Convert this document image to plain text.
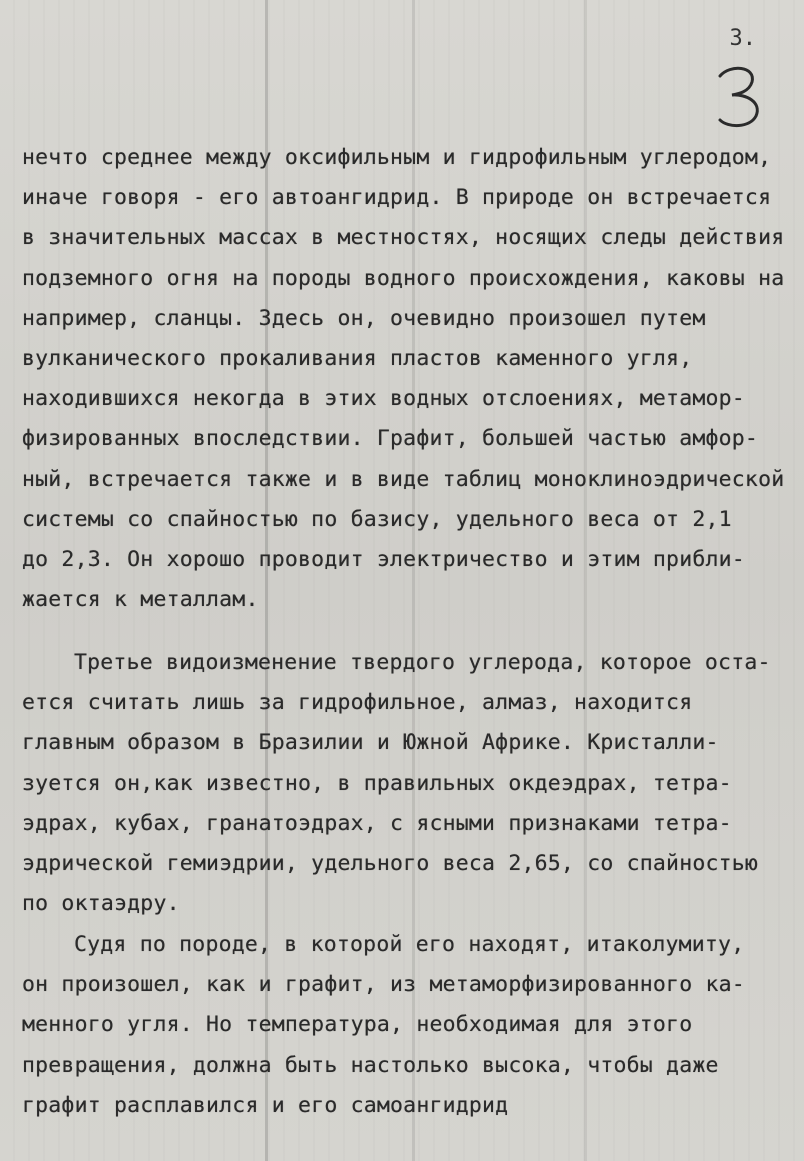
3.
нечто среднее между оксифильным и гидрофильным углеродом,
иначе говоря - его автоангидрид. В природе он встречается
в значительных массах в местностях, носящих следы действия
подземного огня на породы водного происхождения, каковы на
например, сланцы. Здесь он, очевидно произошел путем
вулканического прокаливания пластов каменного угля,
находившихся некогда в этих водных отслоениях, метамор-
физированных впоследствии. Графит, большей частью амфор-
ный, встречается также и в виде таблиц моноклиноэдрической
системы со спайностью по базису, удельного веса от 2,1
до 2,3. Он хорошо проводит электричество и этим прибли-
жается к металлам.
Третье видоизменение твердого углерода, которое оста-
ется считать лишь за гидрофильное, алмаз, находится
главным образом в Бразилии и Южной Африке. Кристалли-
зуется он,как известно, в правильных окдеэдрах, тетра-
эдрах, кубах, гранатоэдрах, с ясными признаками тетра-
эдрической гемиэдрии, удельного веса 2,65, со спайностью
по октаэдру.
Судя по породе, в которой его находят, итаколумиту,
он произошел, как и графит, из метаморфизированного ка-
менного угля. Но температура, необходимая для этого
превращения, должна быть настолько высока, чтобы даже
графит расплавился и его самоангидрид
